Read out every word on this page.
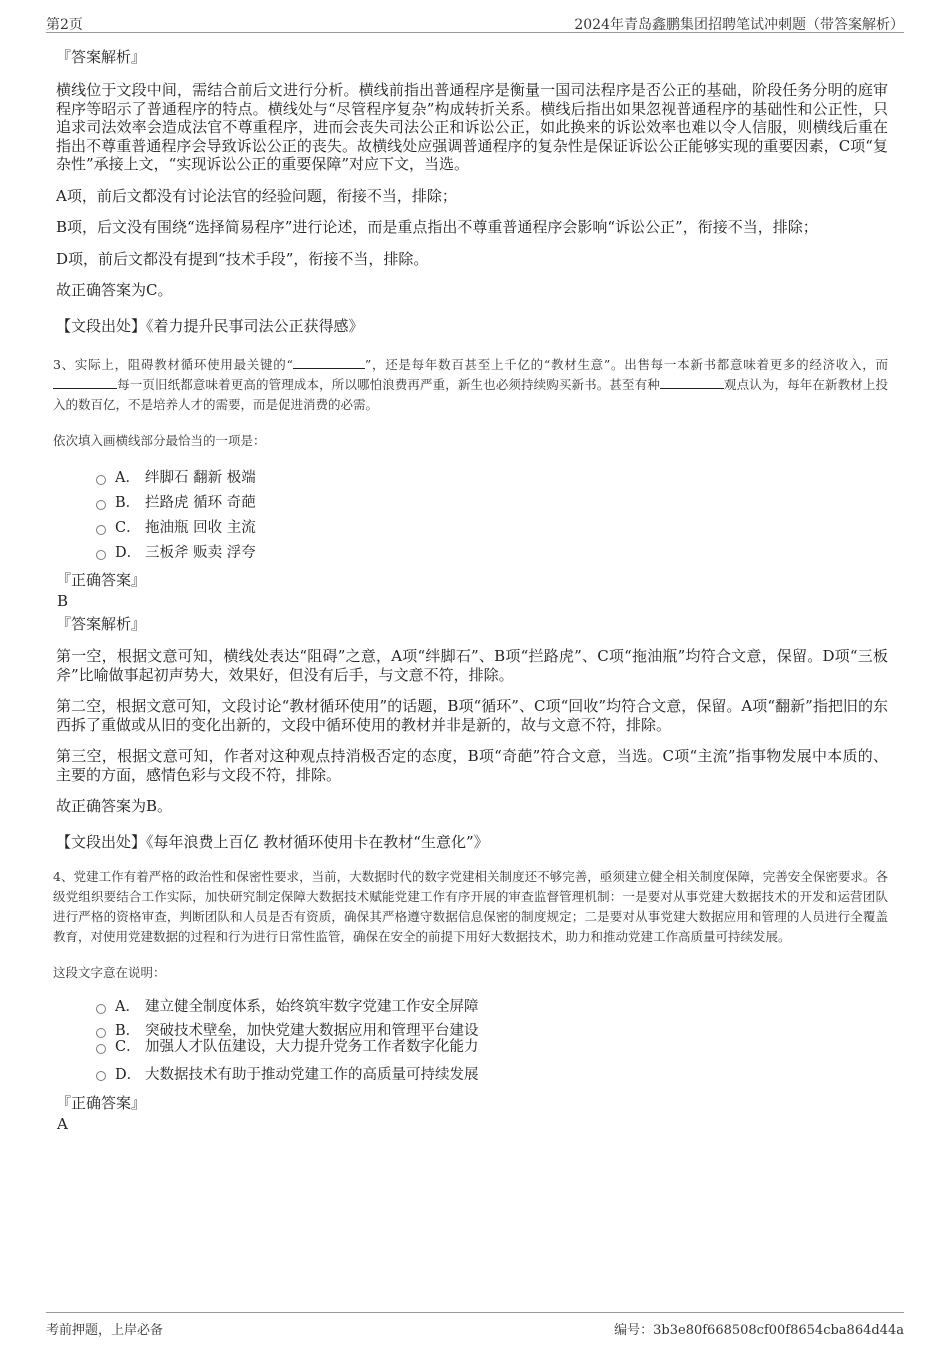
第2页	2024年青岛鑫鹏集团招聘笔试冲刺题（带答案解析）

『答案解析』

横线位于文段中间，需结合前后文进行分析。横线前指出普通程序是衡量一国司法程序是否公正的基础，阶段任务分明的庭审程序等昭示了普通程序的特点。横线处与“尽管程序复杂”构成转折关系。横线后指出如果忽视普通程序的基础性和公正性，只追求司法效率会造成法官不尊重程序，进而会丧失司法公正和诉讼公正，如此换来的诉讼效率也难以令人信服，则横线后重在指出不尊重普通程序会导致诉讼公正的丧失。故横线处应强调普通程序的复杂性是保证诉讼公正能够实现的重要因素，C项“复杂性”承接上文，“实现诉讼公正的重要保障”对应下文，当选。

A项，前后文都没有讨论法官的经验问题，衔接不当，排除；

B项，后文没有围绕“选择简易程序”进行论述，而是重点指出不尊重普通程序会影响“诉讼公正”，衔接不当，排除；

D项，前后文都没有提到“技术手段”，衔接不当，排除。

故正确答案为C。

【文段出处】《着力提升民事司法公正获得感》

3、实际上，阻碍教材循环使用最关键的“	”，还是每年数百甚至上千亿的“教材生意”。出售每一本新书都意味着更多的经济收入，而每一页旧纸都意味着更高的管理成本，所以哪怕浪费再严重，新生也必须持续购买新书。甚至有种	观点认为，每年在新教材上投入的数百亿，不是培养人才的需要，而是促进消费的必需。

依次填入画横线部分最恰当的一项是：

A． 绊脚石 翻新 极端
B． 拦路虎 循环 奇葩
C． 拖油瓶 回收 主流
D． 三板斧 贩卖 浮夸

『正确答案』

B

『答案解析』

第一空，根据文意可知，横线处表达“阻碍”之意，A项“绊脚石”、B项“拦路虎”、C项“拖油瓶”均符合文意，保留。D项“三板斧”比喻做事起初声势大，效果好，但没有后手，与文意不符，排除。

第二空，根据文意可知，文段讨论“教材循环使用”的话题，B项“循环”、C项“回收”均符合文意，保留。A项“翻新”指把旧的东西拆了重做或从旧的变化出新的，文段中循环使用的教材并非是新的，故与文意不符，排除。

第三空，根据文意可知，作者对这种观点持消极否定的态度，B项“奇葩”符合文意，当选。C项“主流”指事物发展中本质的、主要的方面，感情色彩与文段不符，排除。

故正确答案为B。

【文段出处】《每年浪费上百亿 教材循环使用卡在教材“生意化”》

4、党建工作有着严格的政治性和保密性要求，当前，大数据时代的数字党建相关制度还不够完善，亟须建立健全相关制度保障，完善安全保密要求。各级党组织要结合工作实际，加快研究制定保障大数据技术赋能党建工作有序开展的审查监督管理机制：一是要对从事党建大数据技术的开发和运营团队进行严格的资格审查，判断团队和人员是否有资质，确保其严格遵守数据信息保密的制度规定；二是要对从事党建大数据应用和管理的人员进行全覆盖教育，对使用党建数据的过程和行为进行日常性监管，确保在安全的前提下用好大数据技术，助力和推动党建工作高质量可持续发展。

这段文字意在说明：

A． 建立健全制度体系，始终筑牢数字党建工作安全屏障
B． 突破技术壁垒，加快党建大数据应用和管理平台建设
C． 加强人才队伍建设，大力提升党务工作者数字化能力
D． 大数据技术有助于推动党建工作的高质量可持续发展

『正确答案』

A

考前押题，上岸必备	编号：3b3e80f668508cf00f8654cba864d44a
